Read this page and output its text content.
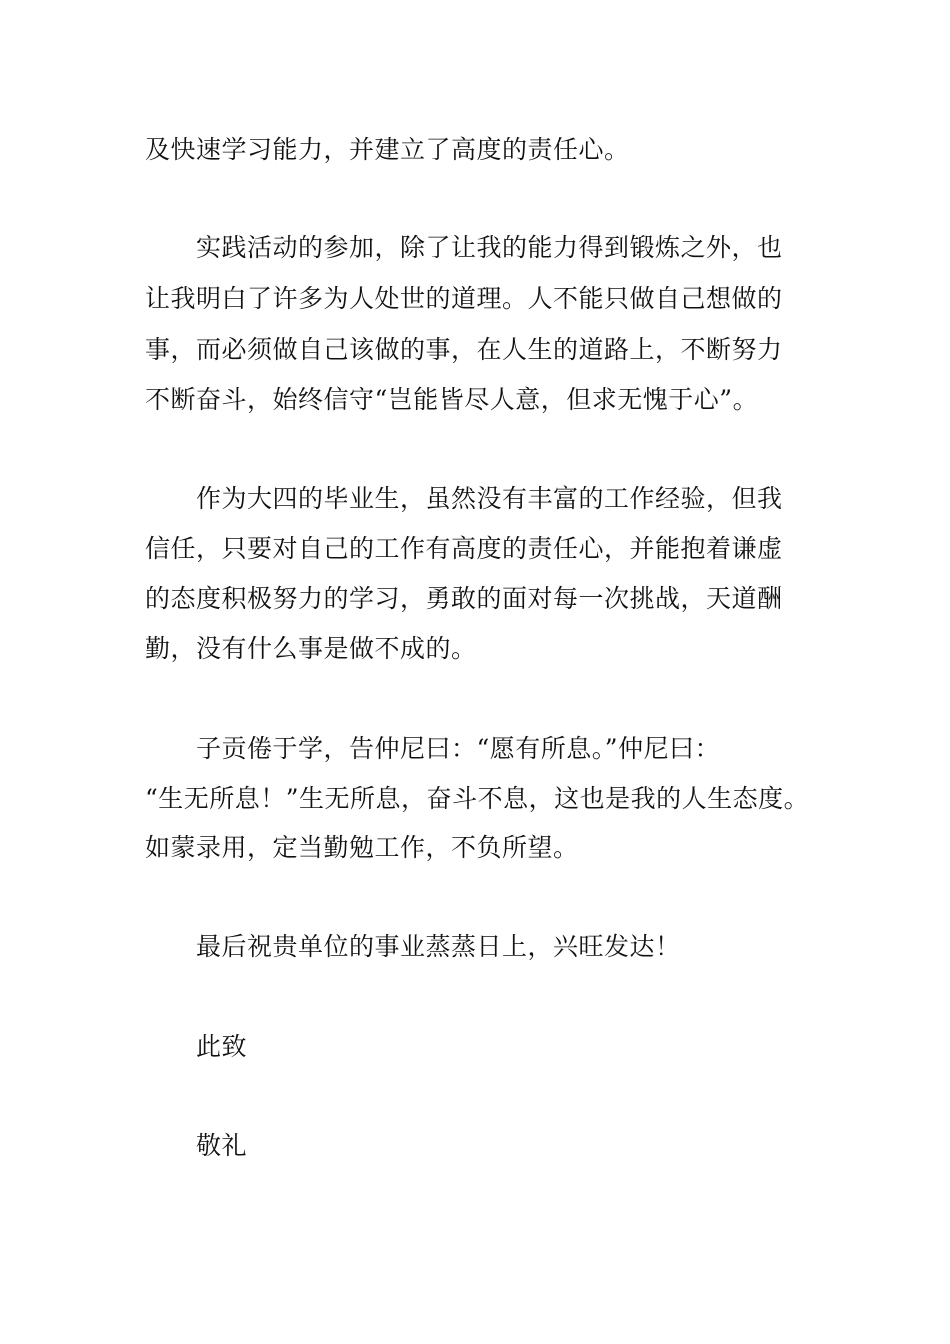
及快速学习能力，并建立了高度的责任心。
实践活动的参加，除了让我的能力得到锻炼之外，也
让我明白了许多为人处世的道理。人不能只做自己想做的
事，而必须做自己该做的事，在人生的道路上，不断努力
不断奋斗，始终信守“岂能皆尽人意，但求无愧于心”。
作为大四的毕业生，虽然没有丰富的工作经验，但我
信任，只要对自己的工作有高度的责任心，并能抱着谦虚
的态度积极努力的学习，勇敢的面对每一次挑战，天道酬
勤，没有什么事是做不成的。
子贡倦于学，告仲尼曰：“愿有所息。”仲尼曰：
“生无所息！”生无所息，奋斗不息，这也是我的人生态度。
如蒙录用，定当勤勉工作，不负所望。
最后祝贵单位的事业蒸蒸日上，兴旺发达！
此致
敬礼
